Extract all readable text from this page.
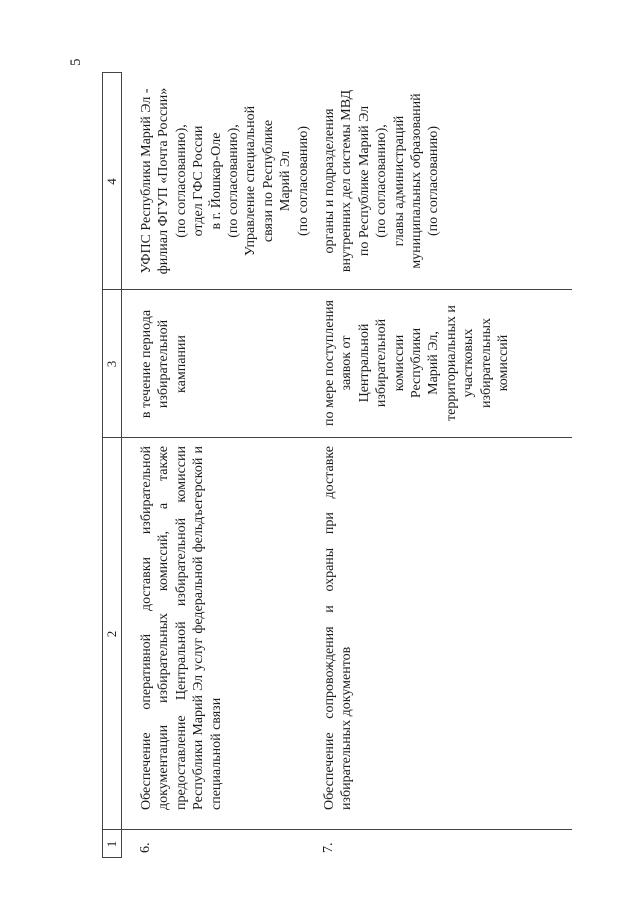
5
1
2
3
4
6.
Обеспечение оперативной доставки избирательной документации избирательных комиссий, а также предоставление Центральной избирательной комиссии Республики Марий Эл услуг федеральной фельдъегерской и специальной связи
в течение периода избирательной кампании
УФПС Республики Марий Эл - филиал ФГУП «Почта России» (по согласованию), отдел ГФС России в г. Йошкар-Оле (по согласованию), Управление специальной связи по Республике Марий Эл (по согласованию)
7.
Обеспечение сопровождения и охраны при доставке избирательных документов
по мере поступления заявок от Центральной избирательной комиссии Республики Марий Эл, территориальных и участковых избирательных комиссий
органы и подразделения внутренних дел системы МВД по Республике Марий Эл (по согласованию), главы администраций муниципальных образований (по согласованию)
